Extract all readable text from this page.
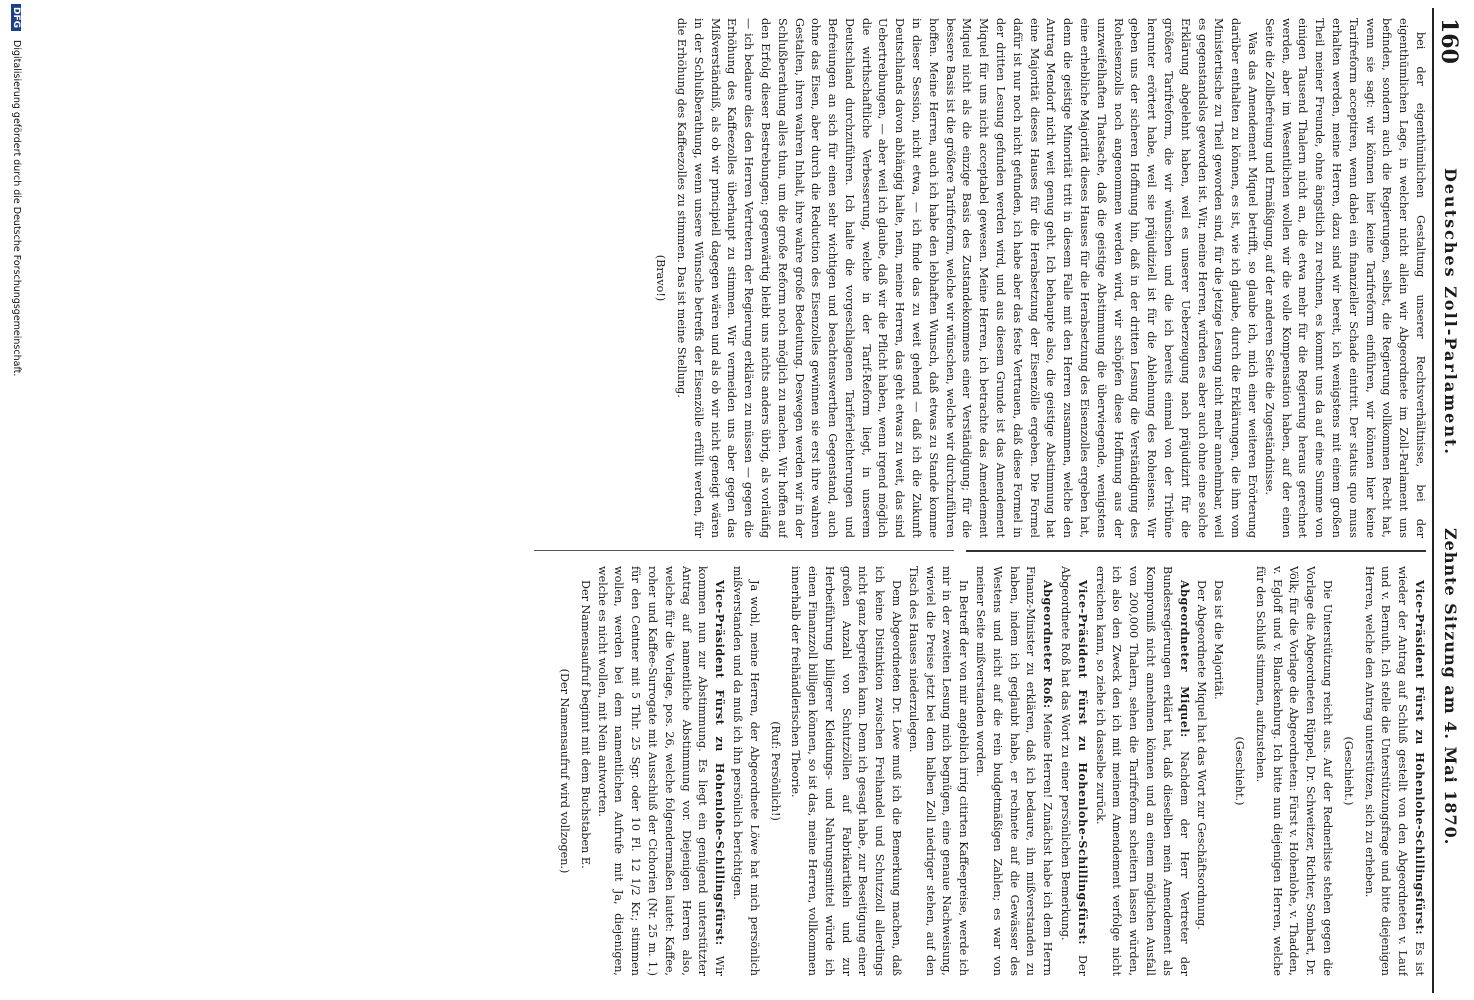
160
Deutsches Zoll-Parlament.
Zehnte Sitzung am 4. Mai 1870.

bei der eigenthümlichen Gestaltung unserer Rechtsverhältnisse, bei der eigenthümlichen Lage, in welcher nicht allein wir Abgeordnete im Zoll-Parlament uns befinden, sondern auch die Regierungen, selbst, die Regierung vollkommen Recht hat, wenn sie sagt: wir können hier keine Tarifreform einführen, wir können hier keine Tarifreform acceptiren, wenn dabei ein finanzieller Schade eintritt. Der status quo muss erhalten werden, meine Herren, dazu sind wir bereit, ich wenigstens mit einem großen Theil meiner Freunde, ohne ängstlich zu rechnen, es kommt uns da auf eine Summe von einigen Tausend Thalern nicht an, die etwa mehr für die Regierung heraus gerechnet werden, aber im Wesentlichen wollen wir die volle Kompensation haben, auf der einen Seite die Zollbefreiung und Ermäßigung, auf der anderen Seite die Zugeständnisse.

Was das Amendement Miquel betrifft, so glaube ich, mich einer weiteren Erörterung darüber enthalten zu können, es ist, wie ich glaube, durch die Erklärungen, die ihm vom Ministertische zu Theil geworden sind, für die jetzige Lesung nicht mehr annehmbar, weil es gegenstandslos geworden ist. Wir, meine Herren, würden es aber auch ohne eine solche Erklärung abgelehnt haben, weil es unserer Ueberzeugung nach präjudizirt für die größere Tarifreform, die wir wünschen und die ich bereits einmal von der Tribüne herunter erörtert habe, weil sie präjudiziell ist für die Ablehnung des Roheisens. Wir geben uns der sicheren Hoffnung hin, daß in der dritten Lesung die Verständigung des Roheisenzolls noch angenommen werden wird, wir schöpfen diese Hoffnung aus der unzweifelhaften Thatsache, daß die geistige Abstimmung die überwiegende, wenigstens eine erhebliche Majorität dieses Hauses für die Herabsetzung des Eisenzolles ergeben hat, denn die geistige Minorität tritt in diesem Falle mit den Herren zusammen, welche den Antrag Mendorf nicht weit genug geht. Ich behaupte also, die geistige Abstimmung hat eine Majorität dieses Hauses für die Herabsetzung der Eisenzölle ergeben. Die Formel dafür ist nur noch nicht gefunden, ich habe aber das feste Vertrauen, daß diese Formel in der dritten Lesung gefunden werden wird, und aus diesem Grunde ist das Amendement Miquel für uns nicht acceptabel gewesen. Meine Herren, ich betrachte das Amendement Miquel nicht als die einzige Basis des Zustandekommens einer Verständigung; für die bessere Basis ist die größere Tarifreform, welche wir wünschen, welche wir durchzuführen hoffen. Meine Herren, auch ich habe den lebhaften Wunsch, daß etwas zu Stande komme in dieser Session, nicht etwa, — ich finde das zu weit gehend — daß ich die Zukunft Deutschlands davon abhängig halte, nein, meine Herren, das geht etwas zu weit, das sind Uebertreibungen, — aber weil ich glaube, daß wir die Pflicht haben, wenn irgend möglich die wirthschaftliche Verbesserung, welche in der Tarif-Reform liegt, in unserem Deutschland durchzuführen. Ich halte die vorgeschlagenen Tariferleichterungen und Befreiungen an sich für einen sehr wichtigen und beachtenswerthen Gegenstand, auch ohne das Eisen, aber durch die Reduction des Eisenzolles gewinnen sie erst ihre wahren Gestalten, ihren wahren Inhalt, ihre wahre große Bedeutung. Deswegen werden wir in der Schlußberathung alles thun, um die große Reform noch möglich zu machen. Wir hoffen auf den Erfolg dieser Bestrebungen; gegenwärtig bleibt uns nichts anders übrig, als vorläufig — ich bedaure dies den Herren Vertretern der Regierung erklären zu müssen — gegen die Erhöhung des Kaffeezolles überhaupt zu stimmen. Wir vermeiden uns aber gegen das Mißverständniß, als ob wir principiell dagegen wären und als ob wir nicht geneigt wären in der Schlußberathung, wenn unsere Wünsche betreffs der Eisenzölle erfüllt werden, für die Erhöhung des Kaffeezolles zu stimmen. Das ist meine Stellung.

(Bravo!)

Vice-Präsident Fürst zu Hohenlohe-Schillingsfürst: Es ist wieder der Antrag auf Schluß gestellt von den Abgeordneten v. Lauf und v. Bernuth. Ich stelle die Unterstützungsfrage und bitte diejenigen Herren, welche den Antrag unterstützen, sich zu erheben.

(Geschieht.)

Die Unterstützung reicht aus. Auf der Rednerliste stehen gegen die Vorlage die Abgeordneten Rüppel, Dr. Schweitzer, Richter, Sombart, Dr. Völk; für die Vorlage die Abgeordneten: Fürst v. Hohenlohe, v. Thadden, v. Egloff und v. Blanckenburg. Ich bitte nun diejenigen Herren, welche für den Schluß stimmen, aufzustehen.

(Geschieht.)

Das ist die Majorität.

Der Abgeordnete Miquel hat das Wort zur Geschäftsordnung.

Abgeordneter Miquel: Nachdem der Herr Vertreter der Bundesregierungen erklärt hat, daß dieselben mein Amendement als Kompromiß nicht annehmen können und an einem möglichen Ausfall von 200,000 Thalern, sehen die Tarifreform scheitern lassen würden, ich also den Zweck den ich mit meinem Amendement verfolge nicht erreichen kann, so ziehe ich dasselbe zurück.

Vice-Präsident Fürst zu Hohenlohe-Schillingsfürst: Der Abgeordnete Roß hat das Wort zu einer persönlichen Bemerkung.

Abgeordneter Roß: Meine Herren! Zunächst habe ich dem Herrn Finanz-Minister zu erklären, daß ich bedaure, ihn mißverstanden zu haben, indem ich geglaubt habe, er rechnete auf die Gewässer des Westens und nicht auf die rein budgetmäßigen Zahlen; es war von meiner Seite mißverstanden worden.

In Betreff der von mir angeblich irrig citirten Kaffeepreise, werde ich mir in der zweiten Lesung mich begnügen, eine genaue Nachweisung, wieviel die Preise jetzt bei dem halben Zoll niedriger stehen, auf den Tisch des Hauses niederzulegen.

Dem Abgeordneten Dr. Löwe muß ich die Bemerkung machen, daß ich keine Distinktion zwischen Freihandel und Schutzzoll allerdings nicht ganz begreifen kann. Denn ich gesagt habe, zur Beseitigung einer großen Anzahl von Schutzzöllen auf Fabrikartikeln und zur Herbeiführung billigerer Kleidungs- und Nahrungsmittel würde ich einen Finanzzoll billigen können, so ist das, meine Herren, vollkommen innerhalb der freihändlerischen Theorie.

(Ruf: Persönlich!)

Ja wohl, meine Herren, der Abgeordnete Löwe hat mich persönlich mißverstanden und da muß ich ihn persönlich berichtigen.

Vice-Präsident Fürst zu Hohenlohe-Schillingsfürst: Wir kommen nun zur Abstimmung. Es liegt ein genügend unterstützter Antrag auf namentliche Abstimmung vor. Diejenigen Herren also, welche für die Vorlage, pos. 26, welche folgendermaßen lautet: Kaffee, roher und Kaffee-Surrogate mit Ausschluß der Cichorien (Nr. 25 m. 1.) für den Centner mit 5 Thlr. 25 Sgr. oder 10 Fl. 12 1/2 Kr.; stimmen wollen, werden bei dem namentlichen Aufrufe mit Ja, diejenigen, welche es nicht wollen, mit Nein antworten.

Der Namensaufruf beginnt mit dem Buchstaben E.

(Der Namensaufruf wird vollzogen.)

DFG Digitalisierung gefördert durch die Deutsche Forschungsgemeinschaft.
